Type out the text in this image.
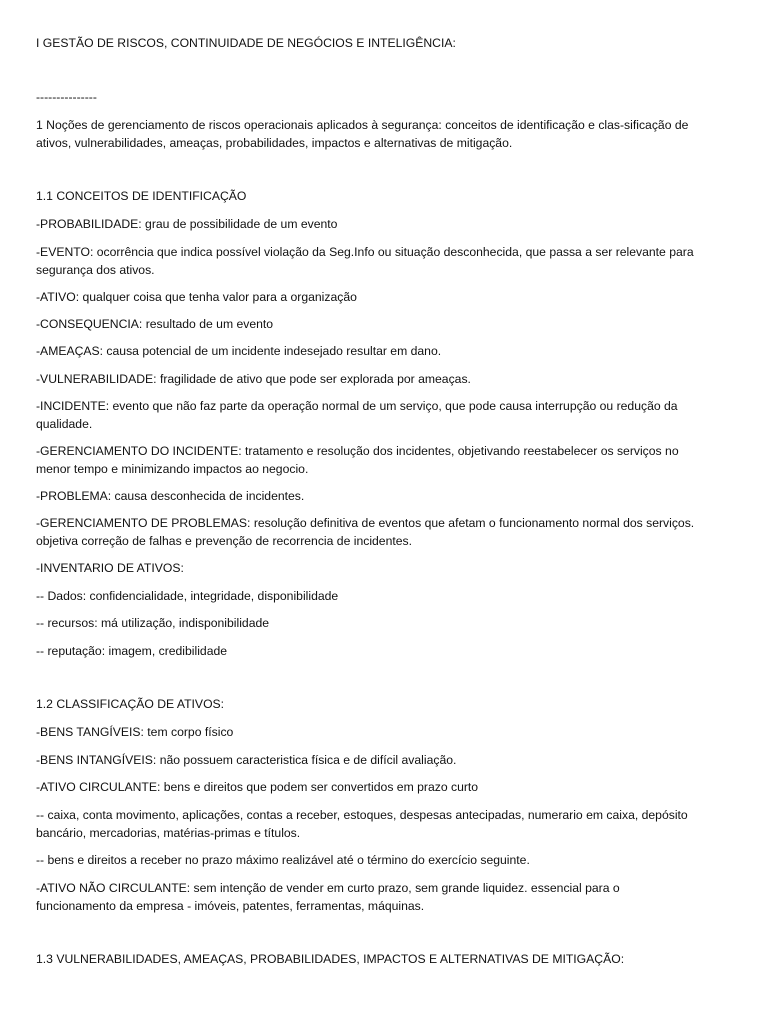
I GESTÃO DE RISCOS, CONTINUIDADE DE NEGÓCIOS E INTELIGÊNCIA:
---------------
1 Noções de gerenciamento de riscos operacionais aplicados à segurança: conceitos de identificação e clas-sificação de
ativos, vulnerabilidades, ameaças, probabilidades, impactos e alternativas de mitigação.
1.1 CONCEITOS DE IDENTIFICAÇÃO
-PROBABILIDADE: grau de possibilidade de um evento
-EVENTO: ocorrência que indica possível violação da Seg.Info ou situação desconhecida, que passa a ser relevante para
segurança dos ativos.
-ATIVO: qualquer coisa que tenha valor para a organização
-CONSEQUENCIA: resultado de um evento
-AMEAÇAS: causa potencial de um incidente indesejado resultar em dano.
-VULNERABILIDADE: fragilidade de ativo que pode ser explorada por ameaças.
-INCIDENTE: evento que não faz parte da operação normal de um serviço, que pode causa interrupção ou redução da
qualidade.
-GERENCIAMENTO DO INCIDENTE: tratamento e resolução dos incidentes, objetivando reestabelecer os serviços no
menor tempo e minimizando impactos ao negocio.
-PROBLEMA: causa desconhecida de incidentes.
-GERENCIAMENTO DE PROBLEMAS: resolução definitiva de eventos que afetam o funcionamento normal dos serviços.
objetiva correção de falhas e prevenção de recorrencia de incidentes.
-INVENTARIO DE ATIVOS:
-- Dados: confidencialidade, integridade, disponibilidade
-- recursos: má utilização, indisponibilidade
-- reputação: imagem, credibilidade
1.2 CLASSIFICAÇÃO DE ATIVOS:
-BENS TANGÍVEIS: tem corpo físico
-BENS INTANGÍVEIS: não possuem caracteristica física e de difícil avaliação.
-ATIVO CIRCULANTE: bens e direitos que podem ser convertidos em prazo curto
-- caixa, conta movimento, aplicações, contas a receber, estoques, despesas antecipadas, numerario em caixa, depósito
bancário, mercadorias, matérias-primas e títulos.
-- bens e direitos a receber no prazo máximo realizável até o término do exercício seguinte.
-ATIVO NÃO CIRCULANTE: sem intenção de vender em curto prazo, sem grande liquidez. essencial para o
funcionamento da empresa - imóveis, patentes, ferramentas, máquinas.
1.3 VULNERABILIDADES, AMEAÇAS, PROBABILIDADES, IMPACTOS E ALTERNATIVAS DE MITIGAÇÃO:
